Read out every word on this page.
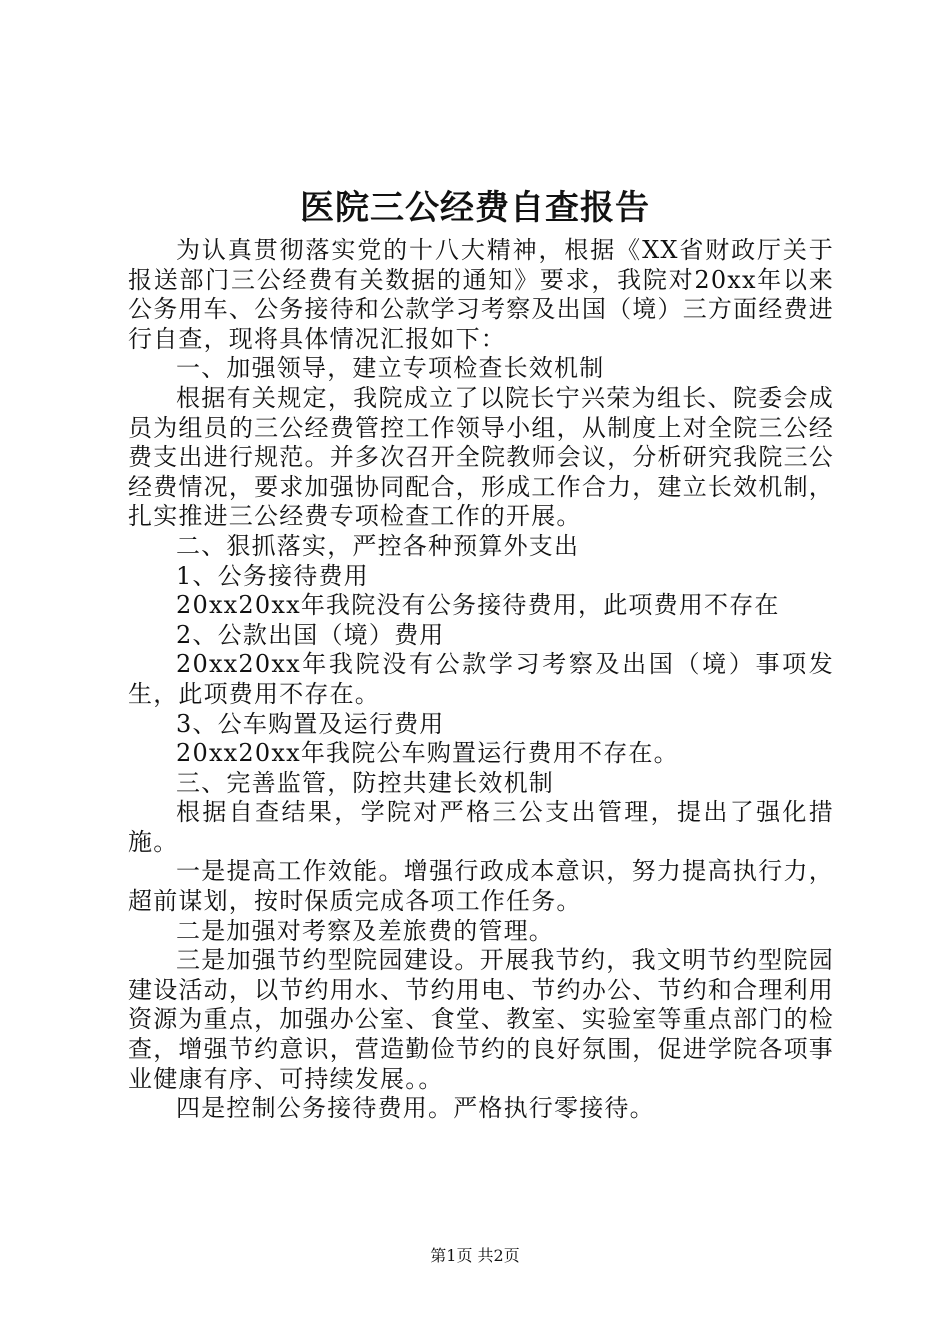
医院三公经费自查报告

为认真贯彻落实党的十八大精神，根据《XX省财政厅关于报送部门三公经费有关数据的通知》要求，我院对20xx年以来公务用车、公务接待和公款学习考察及出国（境）三方面经费进行自查，现将具体情况汇报如下：

一、加强领导，建立专项检查长效机制

根据有关规定，我院成立了以院长宁兴荣为组长、院委会成员为组员的三公经费管控工作领导小组，从制度上对全院三公经费支出进行规范。并多次召开全院教师会议，分析研究我院三公经费情况，要求加强协同配合，形成工作合力，建立长效机制，扎实推进三公经费专项检查工作的开展。

二、狠抓落实，严控各种预算外支出

1、公务接待费用

20xx20xx年我院没有公务接待费用，此项费用不存在

2、公款出国（境）费用

20xx20xx年我院没有公款学习考察及出国（境）事项发生，此项费用不存在。

3、公车购置及运行费用

20xx20xx年我院公车购置运行费用不存在。

三、完善监管，防控共建长效机制

根据自查结果，学院对严格三公支出管理，提出了强化措施。

一是提高工作效能。增强行政成本意识，努力提高执行力，超前谋划，按时保质完成各项工作任务。

二是加强对考察及差旅费的管理。

三是加强节约型院园建设。开展我节约，我文明节约型院园建设活动，以节约用水、节约用电、节约办公、节约和合理利用资源为重点，加强办公室、食堂、教室、实验室等重点部门的检查，增强节约意识，营造勤俭节约的良好氛围，促进学院各项事业健康有序、可持续发展。。

四是控制公务接待费用。严格执行零接待。

第1页 共2页
